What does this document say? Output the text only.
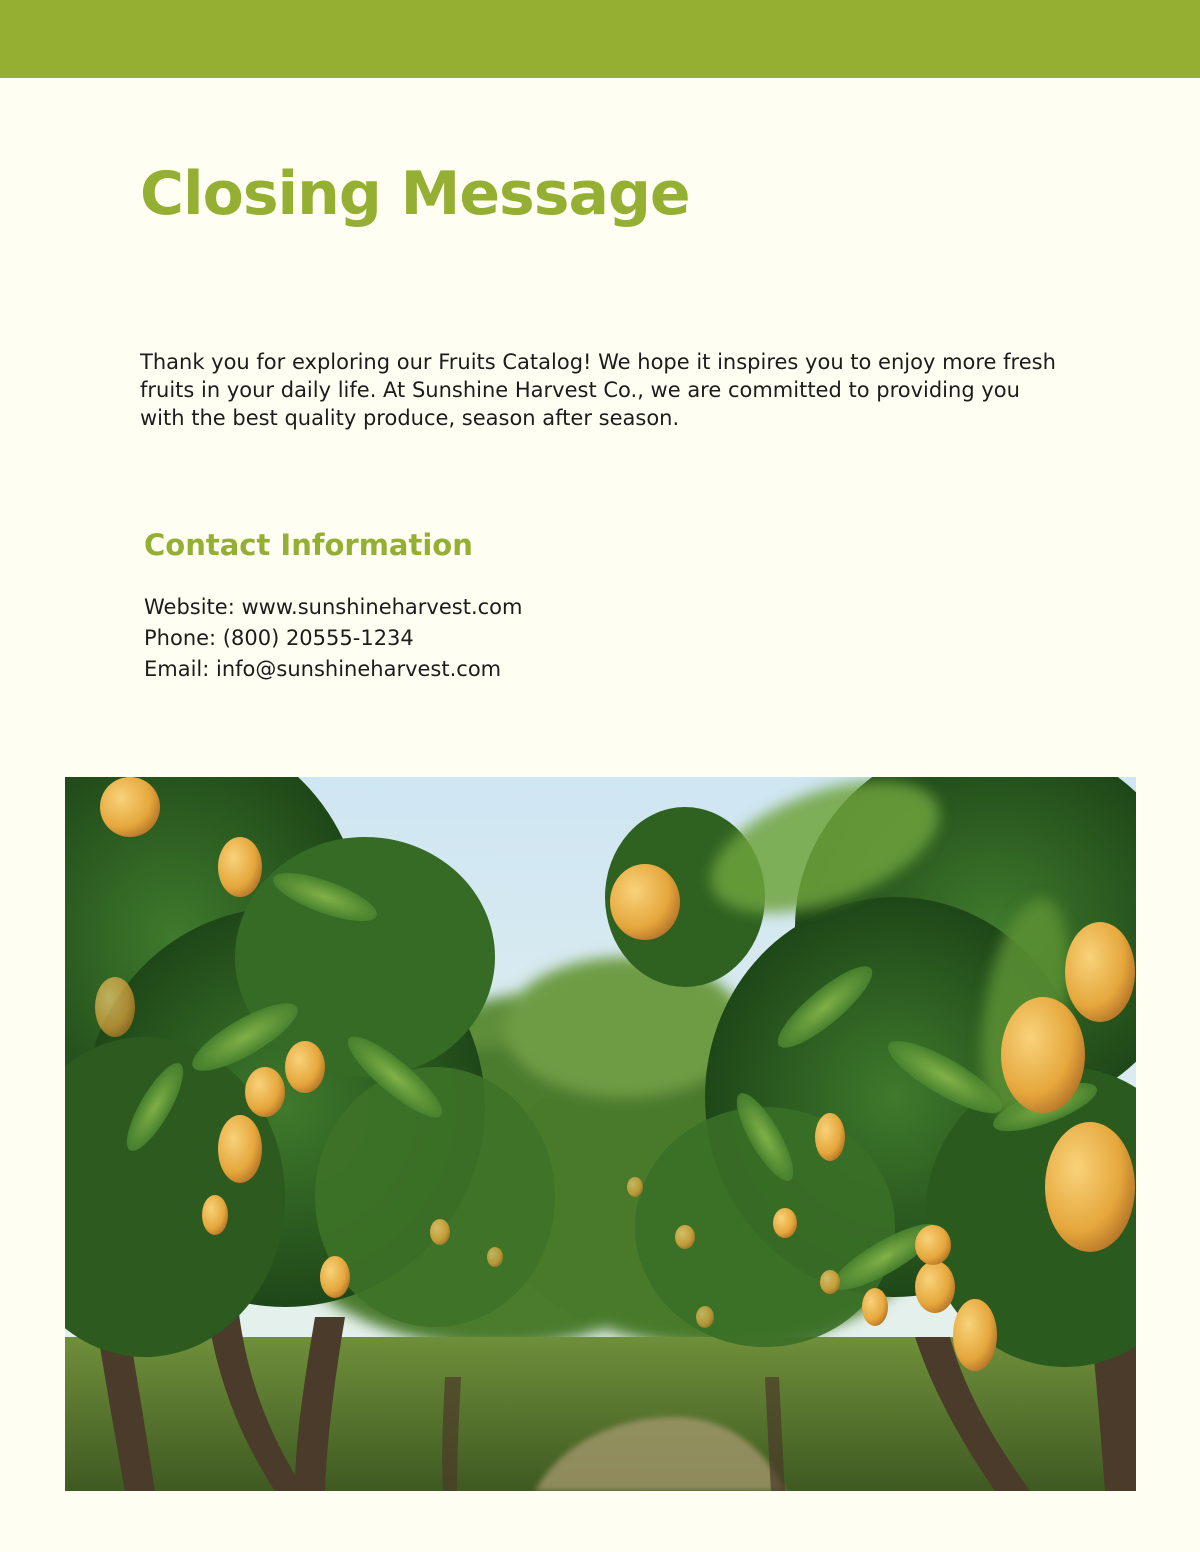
Closing Message

Thank you for exploring our Fruits Catalog! We hope it inspires you to enjoy more fresh fruits in your daily life. At Sunshine Harvest Co., we are committed to providing you with the best quality produce, season after season.

Contact Information
Website: www.sunshineharvest.com
Phone: (800) 20555-1234
Email: info@sunshineharvest.com
